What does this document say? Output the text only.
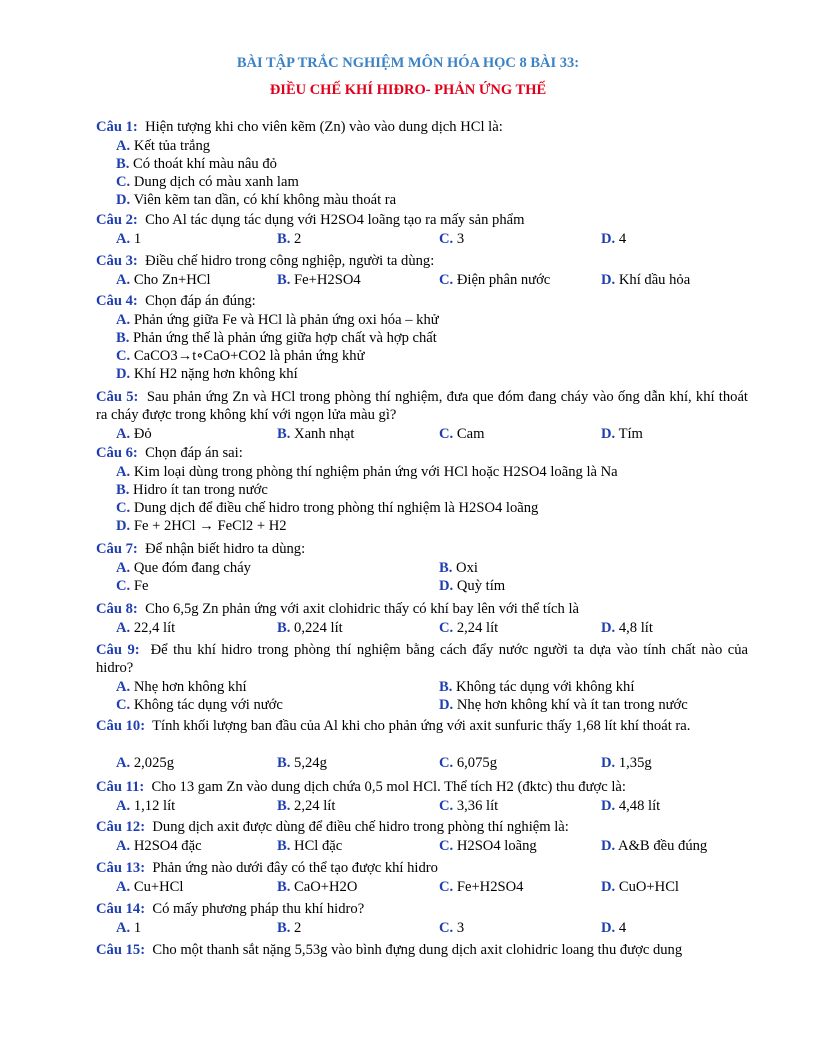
BÀI TẬP TRẮC NGHIỆM MÔN HÓA HỌC 8 BÀI 33:
ĐIỀU CHẾ KHÍ HIĐRO- PHẢN ỨNG THẾ
Câu 1:  Hiện tượng khi cho viên kẽm (Zn) vào vào dung dịch HCl là:
A. Kết tủa trắng
B. Có thoát khí màu nâu đỏ
C. Dung dịch có màu xanh lam
D. Viên kẽm tan dần, có khí không màu thoát ra
Câu 2:  Cho Al tác dụng tác dụng với H2SO4 loãng tạo ra mấy sản phẩm
A. 1	B. 2	C. 3	D. 4
Câu 3:  Điều chế hidro trong công nghiệp, người ta dùng:
A. Cho Zn+HCl	B. Fe+H2SO4	C. Điện phân nước	D. Khí dầu hỏa
Câu 4:  Chọn đáp án đúng:
A. Phản ứng giữa Fe và HCl là phản ứng oxi hóa – khử
B. Phản ứng thế là phản ứng giữa hợp chất và hợp chất
C. CaCO3→t∘CaO+CO2 là phản ứng khử
D. Khí H2 nặng hơn không khí
Câu 5:  Sau phản ứng Zn và HCl trong phòng thí nghiệm, đưa que đóm đang cháy vào ống dẫn khí, khí thoát ra cháy được trong không khí với ngọn lửa màu gì?
A. Đỏ	B. Xanh nhạt	C. Cam	D. Tím
Câu 6:  Chọn đáp án sai:
A. Kim loại dùng trong phòng thí nghiệm phản ứng với HCl hoặc H2SO4 loãng là Na
B. Hidro ít tan trong nước
C. Dung dịch để điều chế hidro trong phòng thí nghiệm là H2SO4 loãng
D. Fe + 2HCl → FeCl2 + H2
Câu 7:  Để nhận biết hidro ta dùng:
A. Que đóm đang cháy	B. Oxi
C. Fe	D. Quỳ tím
Câu 8:  Cho 6,5g Zn phản ứng với axit clohidric thấy có khí bay lên với thể tích là
A. 22,4 lít	B. 0,224 lít	C. 2,24 lít	D. 4,8 lít
Câu 9:  Để thu khí hidro trong phòng thí nghiệm bằng cách đẩy nước người ta dựa vào tính chất nào của hidro?
A. Nhẹ hơn không khí	B. Không tác dụng với không khí
C. Không tác dụng với nước	D. Nhẹ hơn không khí và ít tan trong nước
Câu 10:  Tính khối lượng ban đầu của Al khi cho phản ứng với axit sunfuric thấy 1,68 lít khí thoát ra.
A. 2,025g	B. 5,24g	C. 6,075g	D. 1,35g
Câu 11:  Cho 13 gam Zn vào dung dịch chứa 0,5 mol HCl. Thể tích H2 (đktc) thu được là:
A. 1,12 lít	B. 2,24 lít	C. 3,36 lít	D. 4,48 lít
Câu 12:  Dung dịch axit được dùng để điều chế hidro trong phòng thí nghiệm là:
A. H2SO4 đặc	B. HCl đặc	C. H2SO4 loãng	D. A&B đều đúng
Câu 13:  Phản ứng nào dưới đây có thể tạo được khí hidro
A. Cu+HCl	B. CaO+H2O	C. Fe+H2SO4	D. CuO+HCl
Câu 14:  Có mấy phương pháp thu khí hidro?
A. 1	B. 2	C. 3	D. 4
Câu 15:  Cho một thanh sắt nặng 5,53g vào bình đựng dung dịch axit clohidric loang thu được dung
